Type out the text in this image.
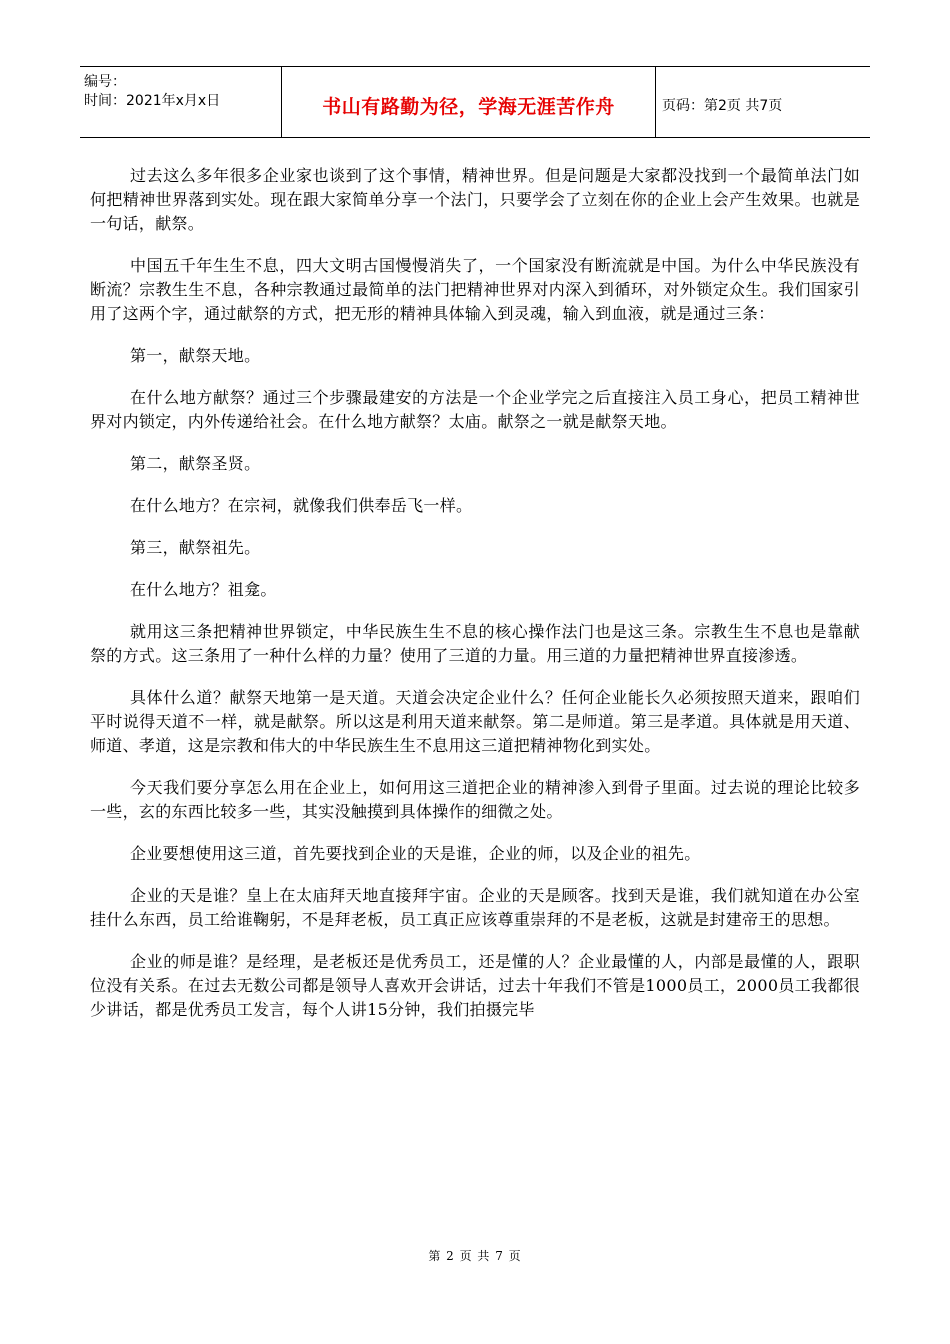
编号：
时间：2021年x月x日	书山有路勤为径，学海无涯苦作舟	页码：第2页 共7页

过去这么多年很多企业家也谈到了这个事情，精神世界。但是问题是大家都没找到一个最简单法门如何把精神世界落到实处。现在跟大家简单分享一个法门，只要学会了立刻在你的企业上会产生效果。也就是一句话，献祭。

中国五千年生生不息，四大文明古国慢慢消失了，一个国家没有断流就是中国。为什么中华民族没有断流？宗教生生不息，各种宗教通过最简单的法门把精神世界对内深入到循环，对外锁定众生。我们国家引用了这两个字，通过献祭的方式，把无形的精神具体输入到灵魂，输入到血液，就是通过三条：

第一，献祭天地。

在什么地方献祭？通过三个步骤最建安的方法是一个企业学完之后直接注入员工身心，把员工精神世界对内锁定，内外传递给社会。在什么地方献祭？太庙。献祭之一就是献祭天地。

第二，献祭圣贤。

在什么地方？在宗祠，就像我们供奉岳飞一样。

第三，献祭祖先。

在什么地方？祖龛。

就用这三条把精神世界锁定，中华民族生生不息的核心操作法门也是这三条。宗教生生不息也是靠献祭的方式。这三条用了一种什么样的力量？使用了三道的力量。用三道的力量把精神世界直接渗透。

具体什么道？献祭天地第一是天道。天道会决定企业什么？任何企业能长久必须按照天道来，跟咱们平时说得天道不一样，就是献祭。所以这是利用天道来献祭。第二是师道。第三是孝道。具体就是用天道、师道、孝道，这是宗教和伟大的中华民族生生不息用这三道把精神物化到实处。

今天我们要分享怎么用在企业上，如何用这三道把企业的精神渗入到骨子里面。过去说的理论比较多一些，玄的东西比较多一些，其实没触摸到具体操作的细微之处。

企业要想使用这三道，首先要找到企业的天是谁，企业的师，以及企业的祖先。

企业的天是谁？皇上在太庙拜天地直接拜宇宙。企业的天是顾客。找到天是谁，我们就知道在办公室挂什么东西，员工给谁鞠躬，不是拜老板，员工真正应该尊重崇拜的不是老板，这就是封建帝王的思想。

企业的师是谁？是经理，是老板还是优秀员工，还是懂的人？企业最懂的人，内部是最懂的人，跟职位没有关系。在过去无数公司都是领导人喜欢开会讲话，过去十年我们不管是1000员工，2000员工我都很少讲话，都是优秀员工发言，每个人讲15分钟，我们拍摄完毕

第 2 页 共 7 页
